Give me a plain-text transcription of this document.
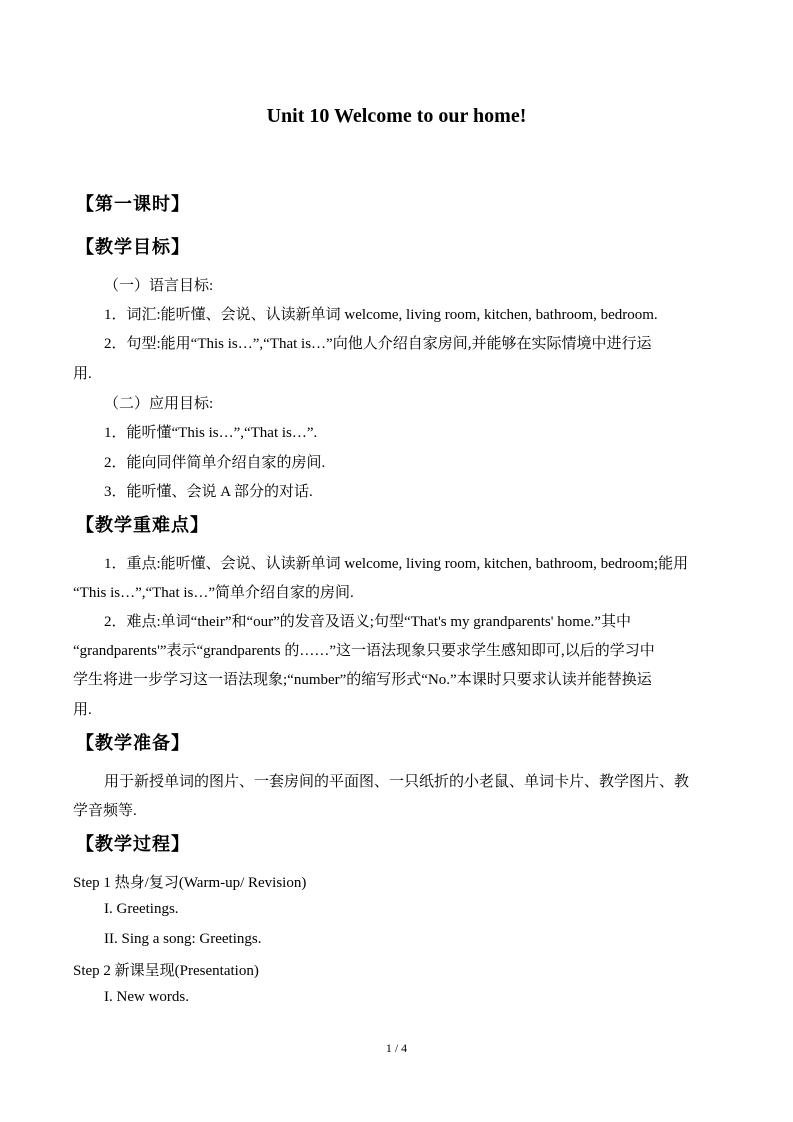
Unit 10 Welcome to our home!
【第一课时】
【教学目标】
（一）语言目标:
1．词汇:能听懂、会说、认读新单词 welcome, living room, kitchen, bathroom, bedroom.
2．句型:能用“This is…”,“That is…”向他人介绍自家房间,并能够在实际情境中进行运
用.
（二）应用目标:
1．能听懂“This is…”,“That is…”.
2．能向同伴简单介绍自家的房间.
3．能听懂、会说 A 部分的对话.
【教学重难点】
1．重点:能听懂、会说、认读新单词 welcome, living room, kitchen, bathroom, bedroom;能用
“This is…”,“That is…”简单介绍自家的房间.
2．难点:单词“their”和“our”的发音及语义;句型“That's my grandparents' home.”其中
“grandparents'”表示“grandparents 的……”这一语法现象只要求学生感知即可,以后的学习中
学生将进一步学习这一语法现象;“number”的缩写形式“No.”本课时只要求认读并能替换运
用.
【教学准备】
用于新授单词的图片、一套房间的平面图、一只纸折的小老鼠、单词卡片、教学图片、教
学音频等.
【教学过程】
Step 1 热身/复习(Warm-up/ Revision)
I. Greetings.
II. Sing a song: Greetings.
Step 2 新课呈现(Presentation)
I. New words.
1 / 4
